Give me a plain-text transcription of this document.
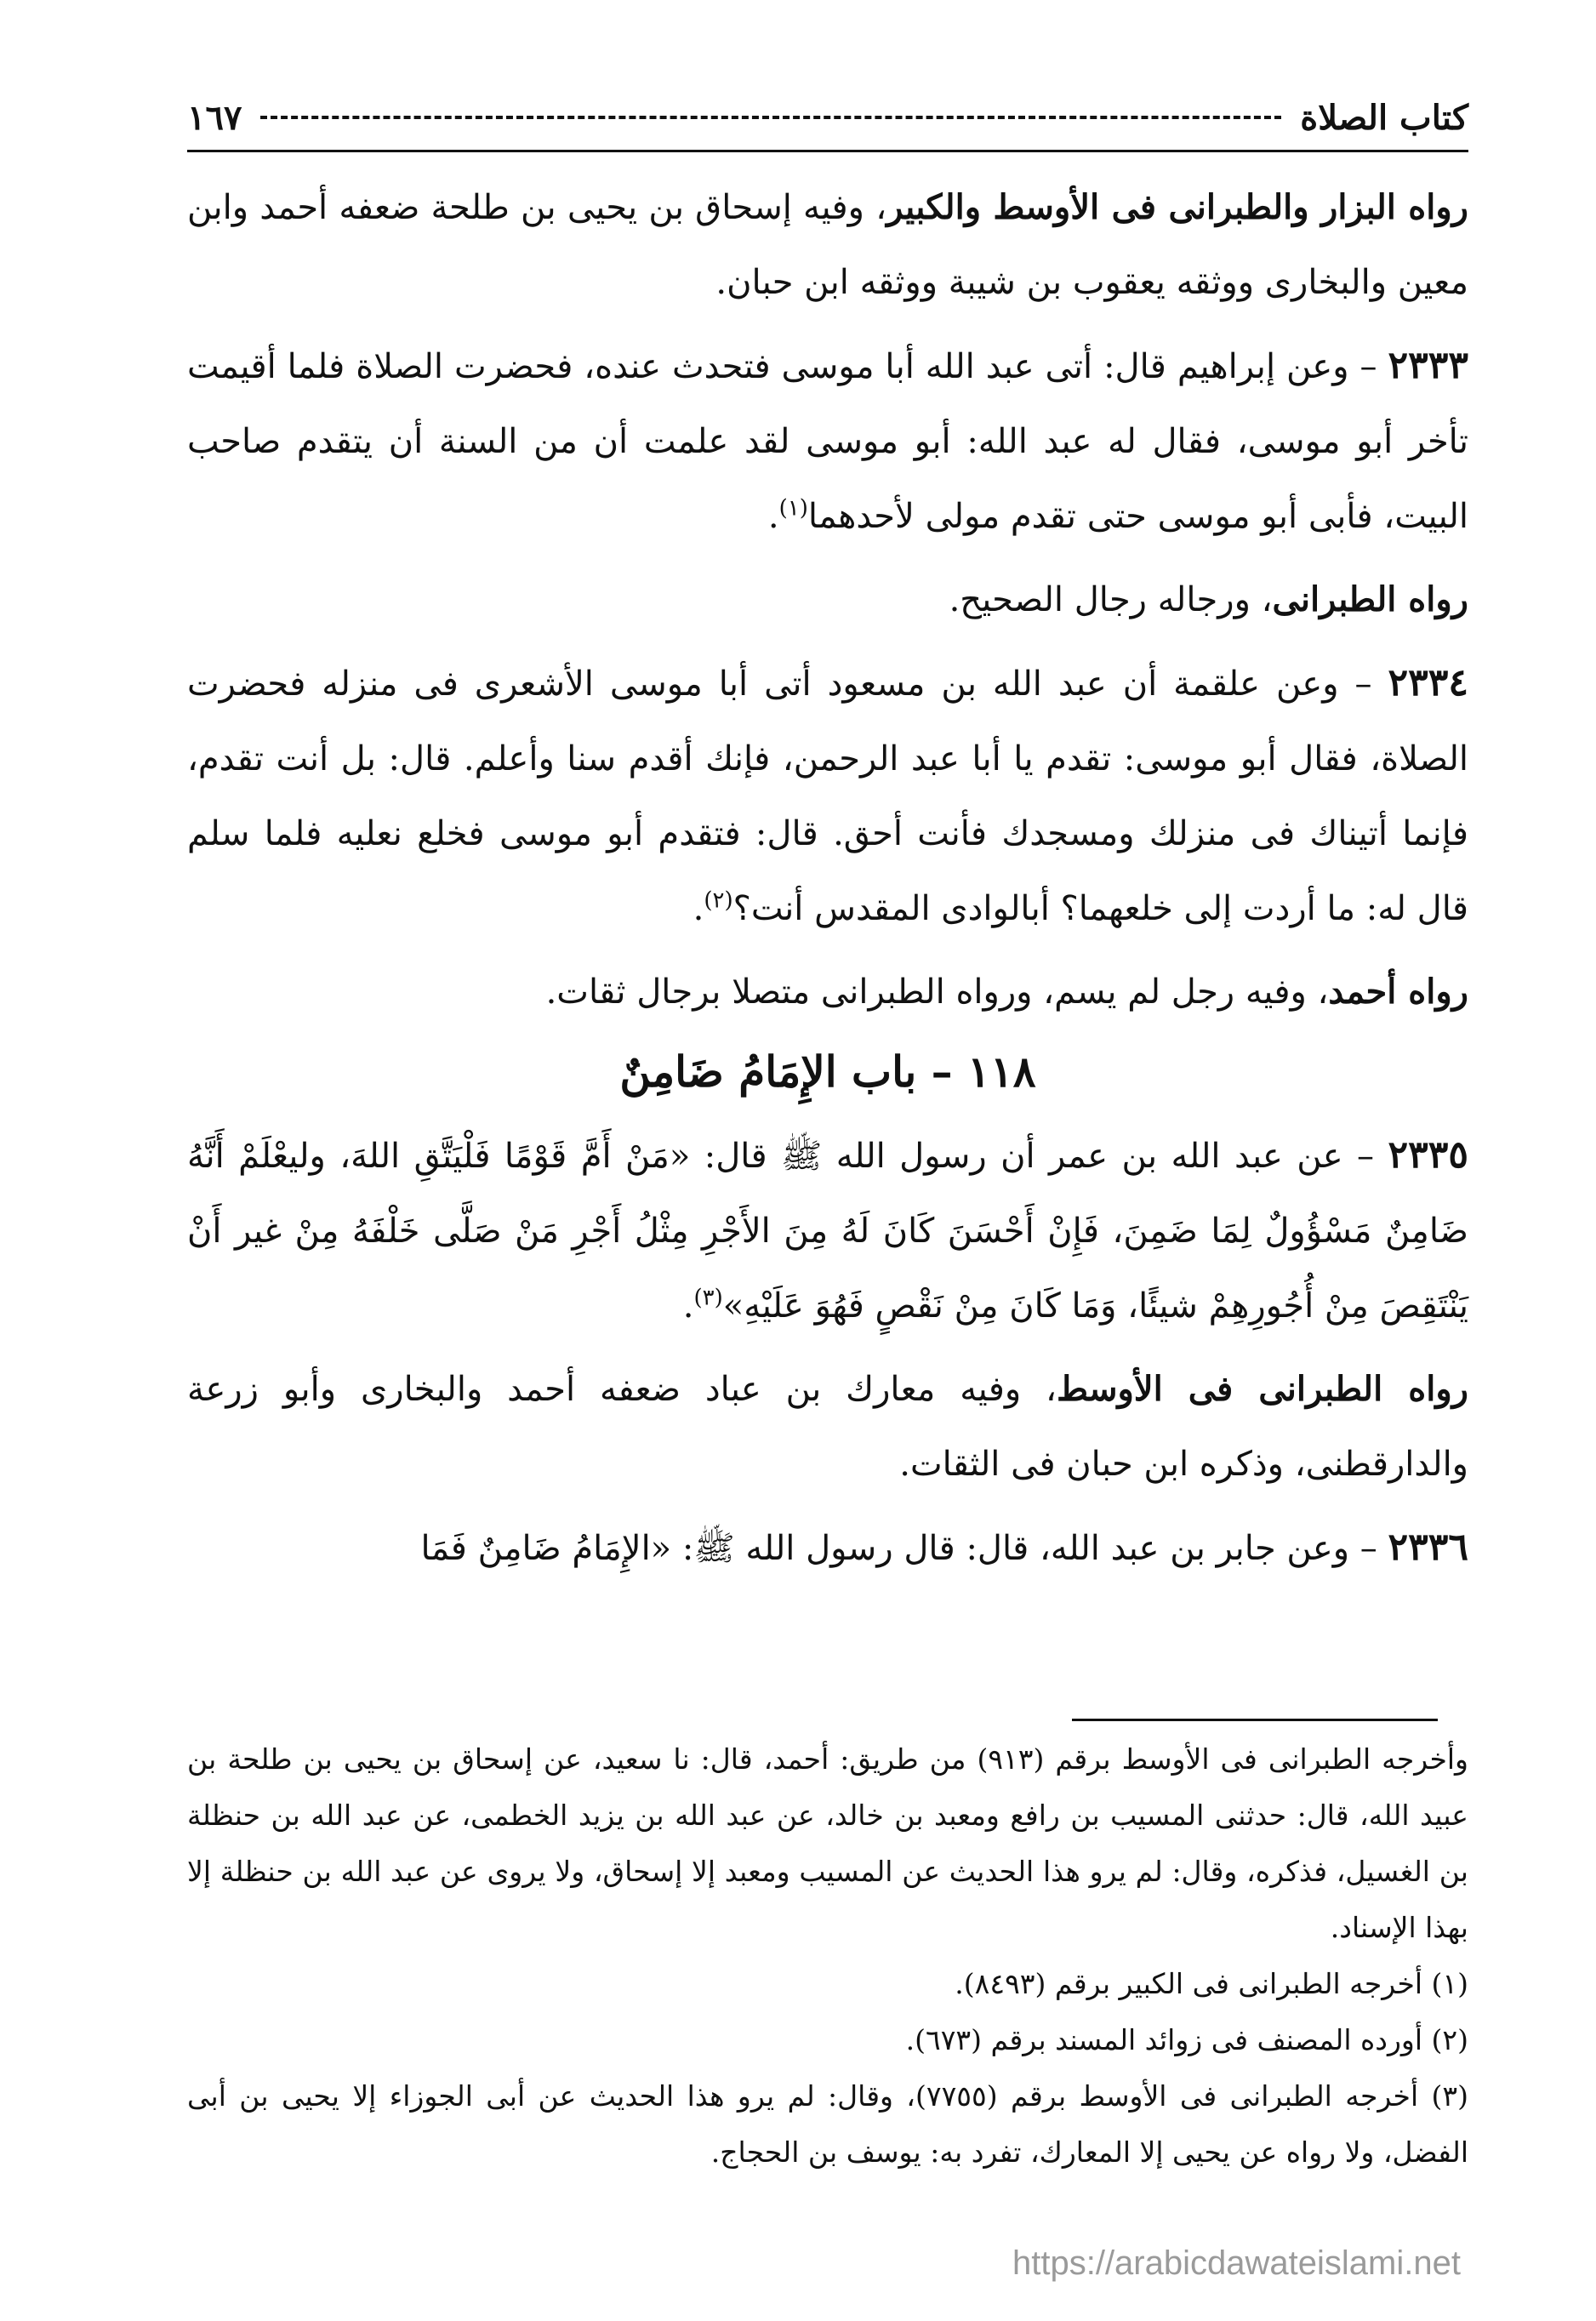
كتاب الصلاة
١٦٧

رواه البزار والطبرانى فى الأوسط والكبير، وفيه إسحاق بن يحيى بن طلحة ضعفه أحمد وابن معين والبخارى ووثقه يعقوب بن شيبة ووثقه ابن حبان.

٢٣٣٣ – وعن إبراهيم قال: أتى عبد الله أبا موسى فتحدث عنده، فحضرت الصلاة فلما أقيمت تأخر أبو موسى، فقال له عبد الله: أبو موسى لقد علمت أن من السنة أن يتقدم صاحب البيت، فأبى أبو موسى حتى تقدم مولى لأحدهما$^{(١)}$.

رواه الطبرانى، ورجاله رجال الصحيح.

٢٣٣٤ – وعن علقمة أن عبد الله بن مسعود أتى أبا موسى الأشعرى فى منزله فحضرت الصلاة، فقال أبو موسى: تقدم يا أبا عبد الرحمن، فإنك أقدم سنا وأعلم. قال: بل أنت تقدم، فإنما أتيناك فى منزلك ومسجدك فأنت أحق. قال: فتقدم أبو موسى فخلع نعليه فلما سلم قال له: ما أردت إلى خلعهما؟ أبالوادى المقدس أنت؟$^{(٢)}$.

رواه أحمد، وفيه رجل لم يسم، ورواه الطبرانى متصلا برجال ثقات.

١١٨ – باب الإِمَامُ ضَامِنٌ

٢٣٣٥ – عن عبد الله بن عمر أن رسول الله ﷺ قال: «مَنْ أَمَّ قَوْمًا فَلْيَتَّقِ اللهَ، وليعْلَمْ أَنَّهُ ضَامِنٌ مَسْؤُولٌ لِمَا ضَمِنَ، فَإِنْ أَحْسَنَ كَانَ لَهُ مِنَ الأَجْرِ مِثْلُ أَجْرِ مَنْ صَلَّى خَلْفَهُ مِنْ غير أَنْ يَنْتَقِصَ مِنْ أُجُورِهِمْ شيئًا، وَمَا كَانَ مِنْ نَقْصٍ فَهُوَ عَلَيْهِ»$^{(٣)}$.

رواه الطبرانى فى الأوسط، وفيه معارك بن عباد ضعفه أحمد والبخارى وأبو زرعة والدارقطنى، وذكره ابن حبان فى الثقات.

٢٣٣٦ – وعن جابر بن عبد الله، قال: قال رسول الله ﷺ: «الإِمَامُ ضَامِنٌ فَمَا

وأخرجه الطبرانى فى الأوسط برقم (٩١٣) من طريق: أحمد، قال: نا سعيد، عن إسحاق بن يحيى بن طلحة بن عبيد الله، قال: حدثنى المسيب بن رافع ومعبد بن خالد، عن عبد الله بن يزيد الخطمى، عن عبد الله بن حنظلة بن الغسيل، فذكره، وقال: لم يرو هذا الحديث عن المسيب ومعبد إلا إسحاق، ولا يروى عن عبد الله بن حنظلة إلا بهذا الإسناد.

(١) أخرجه الطبرانى فى الكبير برقم (٨٤٩٣).

(٢) أورده المصنف فى زوائد المسند برقم (٦٧٣).

(٣) أخرجه الطبرانى فى الأوسط برقم (٧٧٥٥)، وقال: لم يرو هذا الحديث عن أبى الجوزاء إلا يحيى بن أبى الفضل، ولا رواه عن يحيى إلا المعارك، تفرد به: يوسف بن الحجاج.

https://arabicdawateislami.net
